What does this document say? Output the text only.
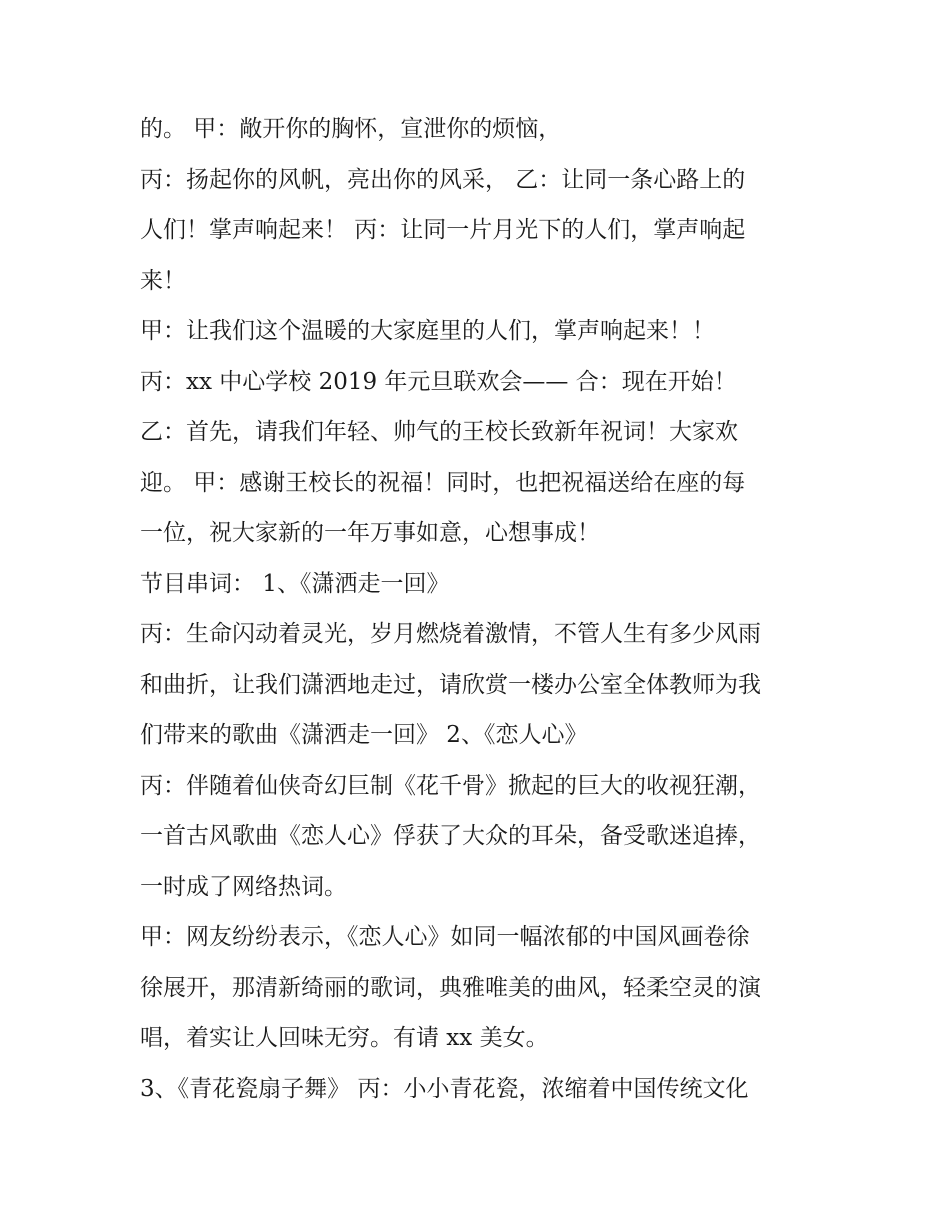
的。 甲：敞开你的胸怀，宣泄你的烦恼，
丙：扬起你的风帆，亮出你的风采， 乙：让同一条心路上的
人们！掌声响起来！ 丙：让同一片月光下的人们，掌声响起
来！
甲：让我们这个温暖的大家庭里的人们，掌声响起来！！
丙：xx 中心学校 2019 年元旦联欢会—— 合：现在开始！
乙：首先，请我们年轻、帅气的王校长致新年祝词！大家欢
迎。 甲：感谢王校长的祝福！同时，也把祝福送给在座的每
一位，祝大家新的一年万事如意，心想事成！
节目串词： 1、《潇洒走一回》
丙：生命闪动着灵光，岁月燃烧着激情，不管人生有多少风雨
和曲折，让我们潇洒地走过，请欣赏一楼办公室全体教师为我
们带来的歌曲《潇洒走一回》 2、《恋人心》
丙：伴随着仙侠奇幻巨制《花千骨》掀起的巨大的收视狂潮，
一首古风歌曲《恋人心》俘获了大众的耳朵，备受歌迷追捧，
一时成了网络热词。
甲：网友纷纷表示，《恋人心》如同一幅浓郁的中国风画卷徐
徐展开，那清新绮丽的歌词，典雅唯美的曲风，轻柔空灵的演
唱，着实让人回味无穷。有请 xx 美女。
3、《青花瓷扇子舞》 丙：小小青花瓷，浓缩着中国传统文化
